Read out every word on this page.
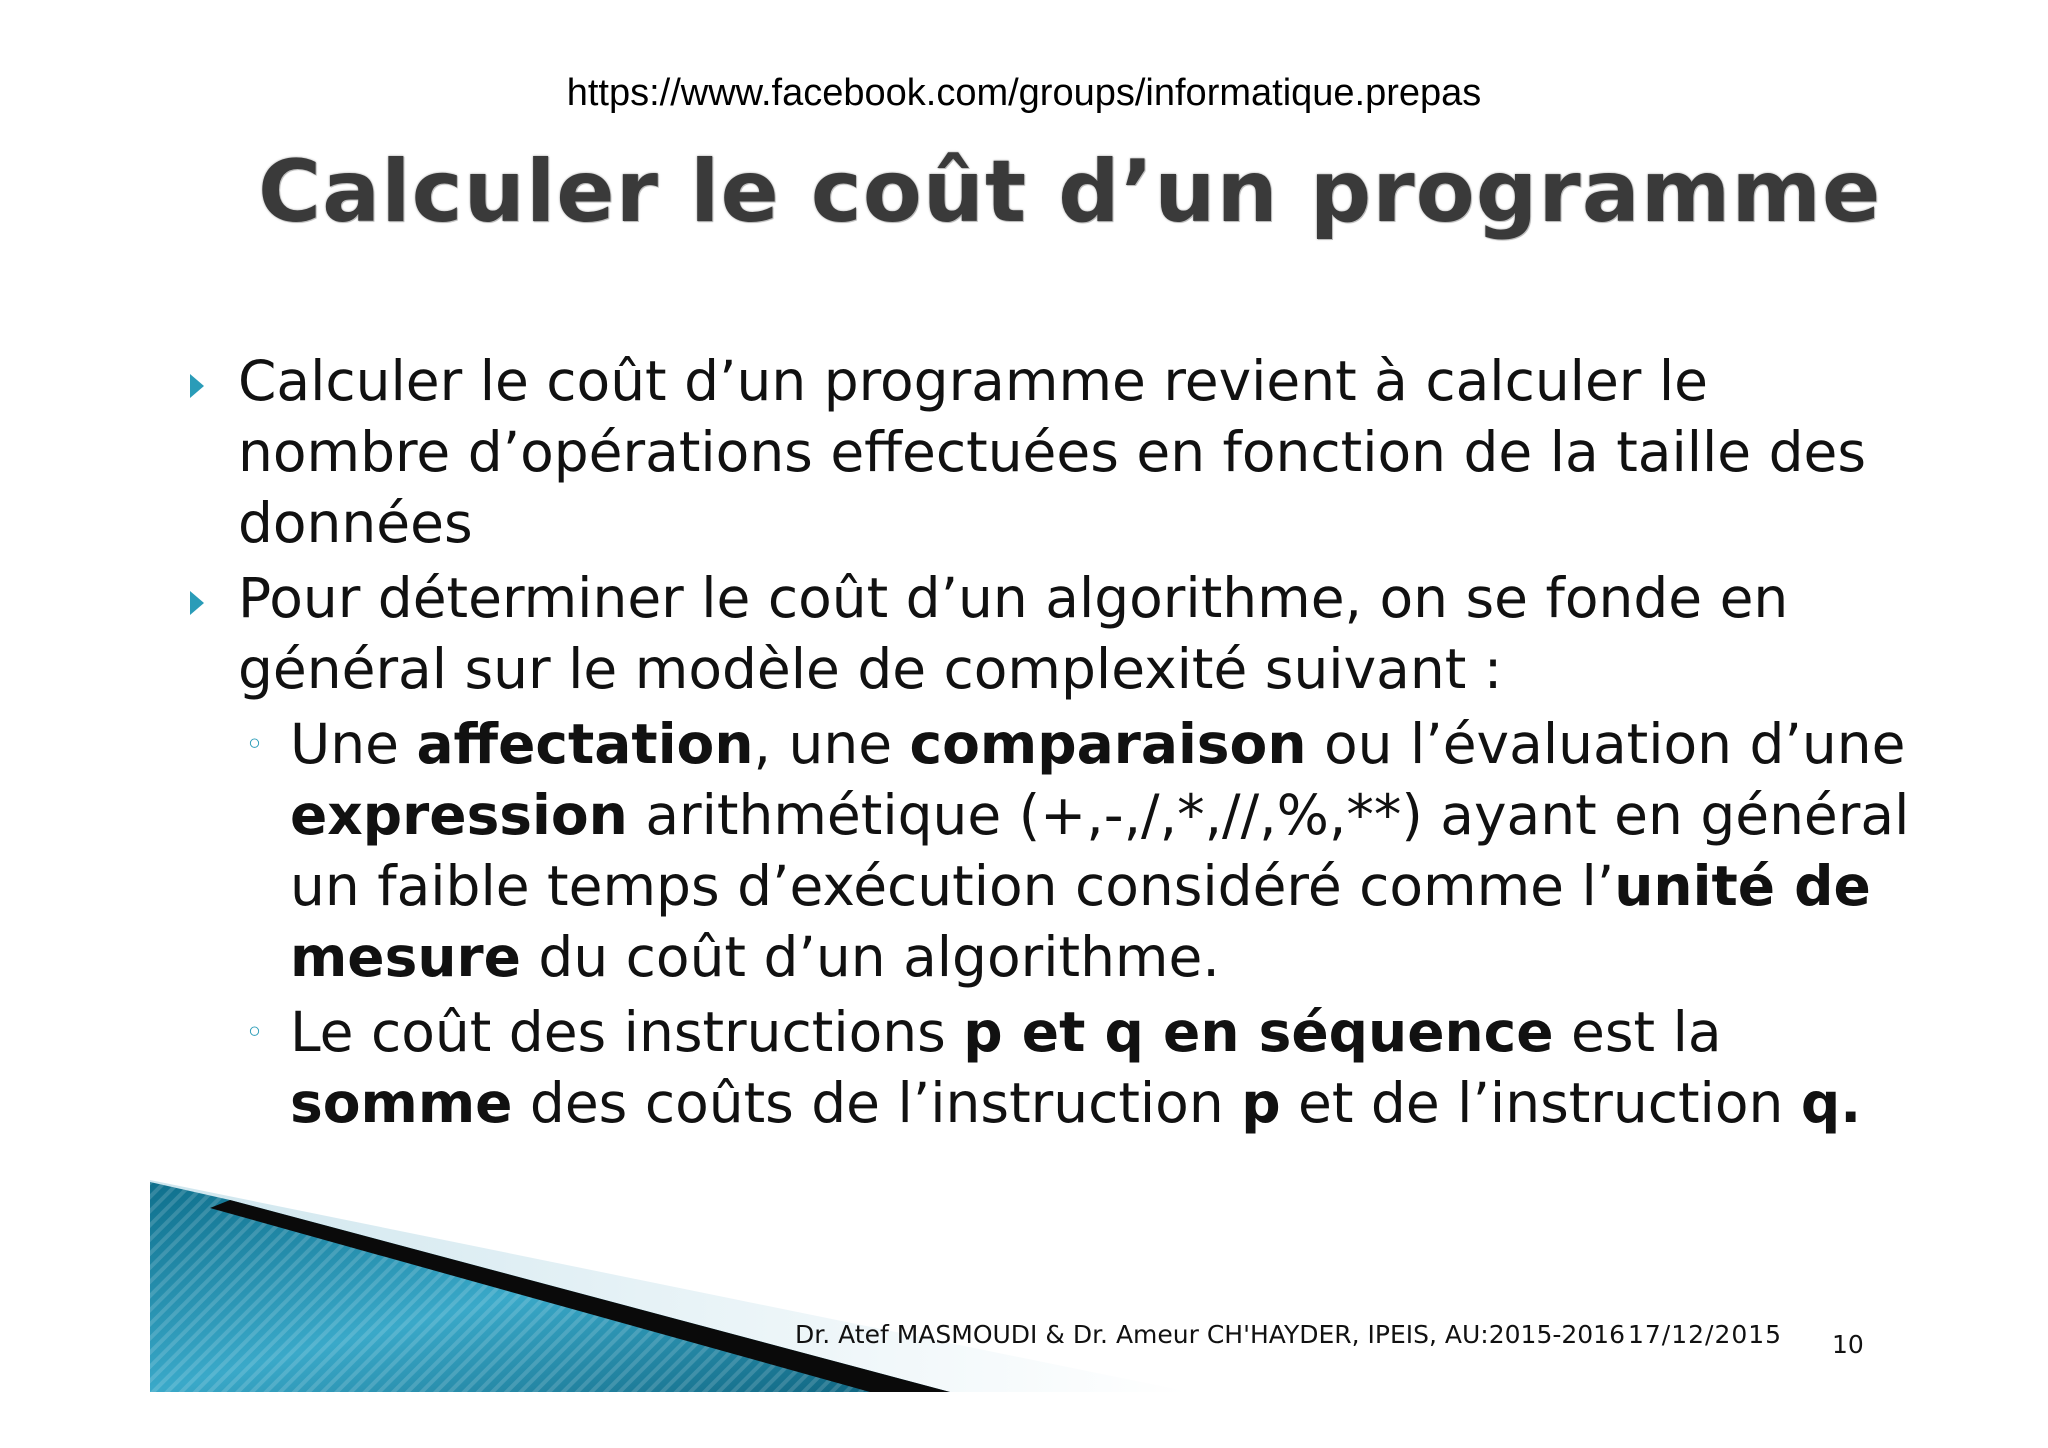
https://www.facebook.com/groups/informatique.prepas
Calculer le coût d’un programme
Calculer le coût d’un programme revient à calculer le nombre d’opérations effectuées en fonction de la taille des données
Pour déterminer le coût d’un algorithme, on se fonde en général sur le modèle de complexité suivant :
◦ Une affectation, une comparaison ou l’évaluation d’une expression arithmétique (+,-,/,*,//,%,**) ayant en général un faible temps d’exécution considéré comme l’unité de mesure du coût d’un algorithme.
◦ Le coût des instructions p et q en séquence est la somme des coûts de l’instruction p et de l’instruction q.
Dr. Atef MASMOUDI & Dr. Ameur CH'HAYDER, IPEIS, AU:2015-2016 17/12/2015 10
